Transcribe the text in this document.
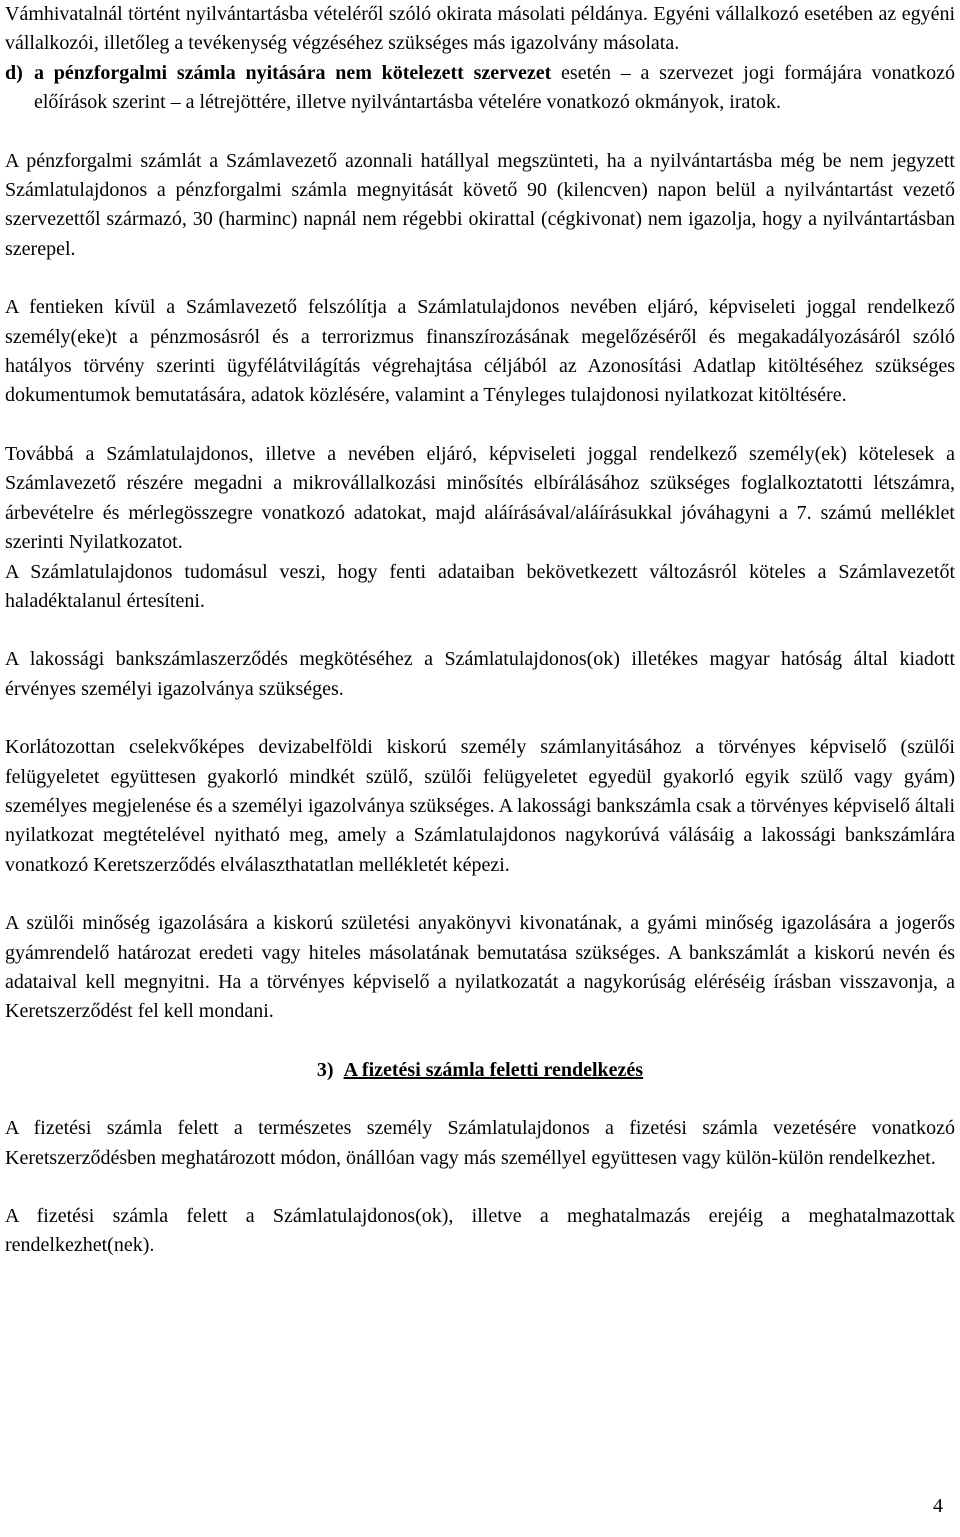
Vámhivatalnál történt nyilvántartásba vételéről szóló okirata másolati példánya. Egyéni vállalkozó esetében az egyéni vállalkozói, illetőleg a tevékenység végzéséhez szükséges más igazolvány másolata.

d) a pénzforgalmi számla nyitására nem kötelezett szervezet esetén – a szervezet jogi formájára vonatkozó előírások szerint – a létrejöttére, illetve nyilvántartásba vételére vonatkozó okmányok, iratok.

A pénzforgalmi számlát a Számlavezető azonnali hatállyal megszünteti, ha a nyilvántartásba még be nem jegyzett Számlatulajdonos a pénzforgalmi számla megnyitását követő 90 (kilencven) napon belül a nyilvántartást vezető szervezettől származó, 30 (harminc) napnál nem régebbi okirattal (cégkivonat) nem igazolja, hogy a nyilvántartásban szerepel.

A fentieken kívül a Számlavezető felszólítja a Számlatulajdonos nevében eljáró, képviseleti joggal rendelkező személy(eke)t a pénzmosásról és a terrorizmus finanszírozásának megelőzéséről és megakadályozásáról szóló hatályos törvény szerinti ügyfélátvilágítás végrehajtása céljából az Azonosítási Adatlap kitöltéséhez szükséges dokumentumok bemutatására, adatok közlésére, valamint a Tényleges tulajdonosi nyilatkozat kitöltésére.

Továbbá a Számlatulajdonos, illetve a nevében eljáró, képviseleti joggal rendelkező személy(ek) kötelesek a Számlavezető részére megadni a mikrovállalkozási minősítés elbírálásához szükséges foglalkoztatotti létszámra, árbevételre és mérlegösszegre vonatkozó adatokat, majd aláírásával/aláírásukkal jóváhagyni a 7. számú melléklet szerinti Nyilatkozatot.

A Számlatulajdonos tudomásul veszi, hogy fenti adataiban bekövetkezett változásról köteles a Számlavezetőt haladéktalanul értesíteni.

A lakossági bankszámlaszerződés megkötéséhez a Számlatulajdonos(ok) illetékes magyar hatóság által kiadott érvényes személyi igazolványa szükséges.

Korlátozottan cselekvőképes devizabelföldi kiskorú személy számlanyitásához a törvényes képviselő (szülői felügyeletet együttesen gyakorló mindkét szülő, szülői felügyeletet egyedül gyakorló egyik szülő vagy gyám) személyes megjelenése és a személyi igazolványa szükséges. A lakossági bankszámla csak a törvényes képviselő általi nyilatkozat megtételével nyitható meg, amely a Számlatulajdonos nagykorúvá válásáig a lakossági bankszámlára vonatkozó Keretszerződés elválaszthatatlan mellékletét képezi.

A szülői minőség igazolására a kiskorú születési anyakönyvi kivonatának, a gyámi minőség igazolására a jogerős gyámrendelő határozat eredeti vagy hiteles másolatának bemutatása szükséges. A bankszámlát a kiskorú nevén és adataival kell megnyitni. Ha a törvényes képviselő a nyilatkozatát a nagykorúság eléréséig írásban visszavonja, a Keretszerződést fel kell mondani.

3) A fizetési számla feletti rendelkezés

A fizetési számla felett a természetes személy Számlatulajdonos a fizetési számla vezetésére vonatkozó Keretszerződésben meghatározott módon, önállóan vagy más személlyel együttesen vagy külön-külön rendelkezhet.

A fizetési számla felett a Számlatulajdonos(ok), illetve a meghatalmazás erejéig a meghatalmazottak rendelkezhet(nek).

4
